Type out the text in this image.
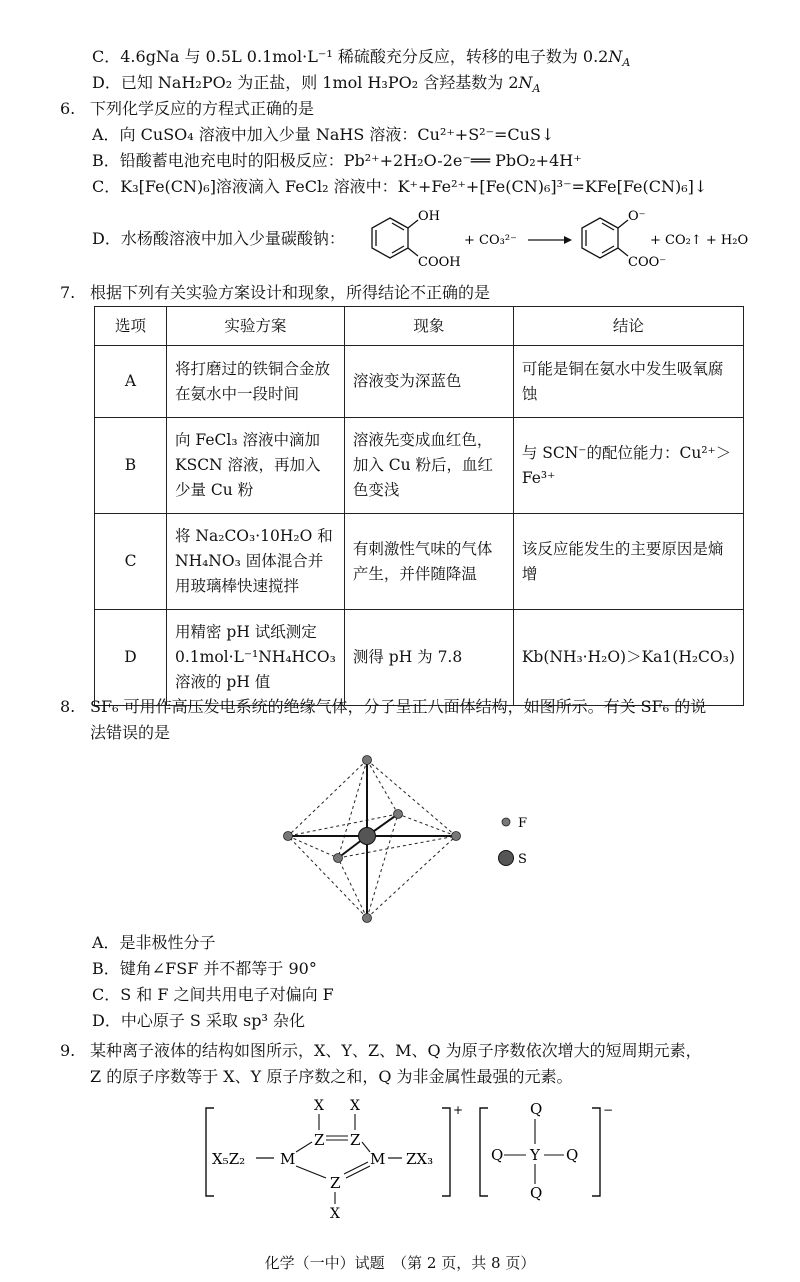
C．4.6gNa 与 0.5L 0.1mol·L⁻¹ 稀硫酸充分反应，转移的电子数为 $0.2N_A$
D．已知 NaH₂PO₂ 为正盐，则 1mol H₃PO₂ 含羟基数为 $2N_A$
6. 下列化学反应的方程式正确的是
A．向 CuSO₄ 溶液中加入少量 NaHS 溶液：Cu²⁺+S²⁻=CuS↓
B．铅酸蓄电池充电时的阳极反应：Pb²⁺+2H₂O-2e⁻══ PbO₂+4H⁺
C．K₃[Fe(CN)₆]溶液滴入 FeCl₂ 溶液中：K⁺+Fe²⁺+[Fe(CN)₆]³⁻=KFe[Fe(CN)₆]↓
D．水杨酸溶液中加入少量碳酸钠：
OH
COOH
+ CO₃²⁻
O⁻
COO⁻
+ CO₂↑ + H₂O
7. 根据下列有关实验方案设计和现象，所得结论不正确的是
选项	实验方案	现象	结论
A	将打磨过的铁铜合金放在氨水中一段时间	溶液变为深蓝色	可能是铜在氨水中发生吸氧腐蚀
B	向 FeCl₃ 溶液中滴加 KSCN 溶液，再加入少量 Cu 粉	溶液先变成血红色，加入 Cu 粉后，血红色变浅	与 SCN⁻的配位能力：Cu²⁺＞Fe³⁺
C	将 Na₂CO₃·10H₂O 和 NH₄NO₃ 固体混合并用玻璃棒快速搅拌	有刺激性气味的气体产生，并伴随降温	该反应能发生的主要原因是熵增
D	用精密 pH 试纸测定 0.1mol·L⁻¹NH₄HCO₃ 溶液的 pH 值	测得 pH 为 7.8	Kb(NH₃·H₂O)＞Ka1(H₂CO₃)
8. SF₆ 可用作高压发电系统的绝缘气体，分子呈正八面体结构，如图所示。有关 SF₆ 的说
法错误的是
F
S
A．是非极性分子
B．键角∠FSF 并不都等于 90°
C．S 和 F 之间共用电子对偏向 F
D．中心原子 S 采取 sp³ 杂化
9. 某种离子液体的结构如图所示，X、Y、Z、M、Q 为原子序数依次增大的短周期元素，
Z 的原子序数等于 X、Y 原子序数之和，Q 为非金属性最强的元素。
+
X₅Z₂ M
Z Z
X X
M
Z
X
ZX₃
−
Q
Q Y Q
Q
化学（一中）试题　（第 2 页，共 8 页）
